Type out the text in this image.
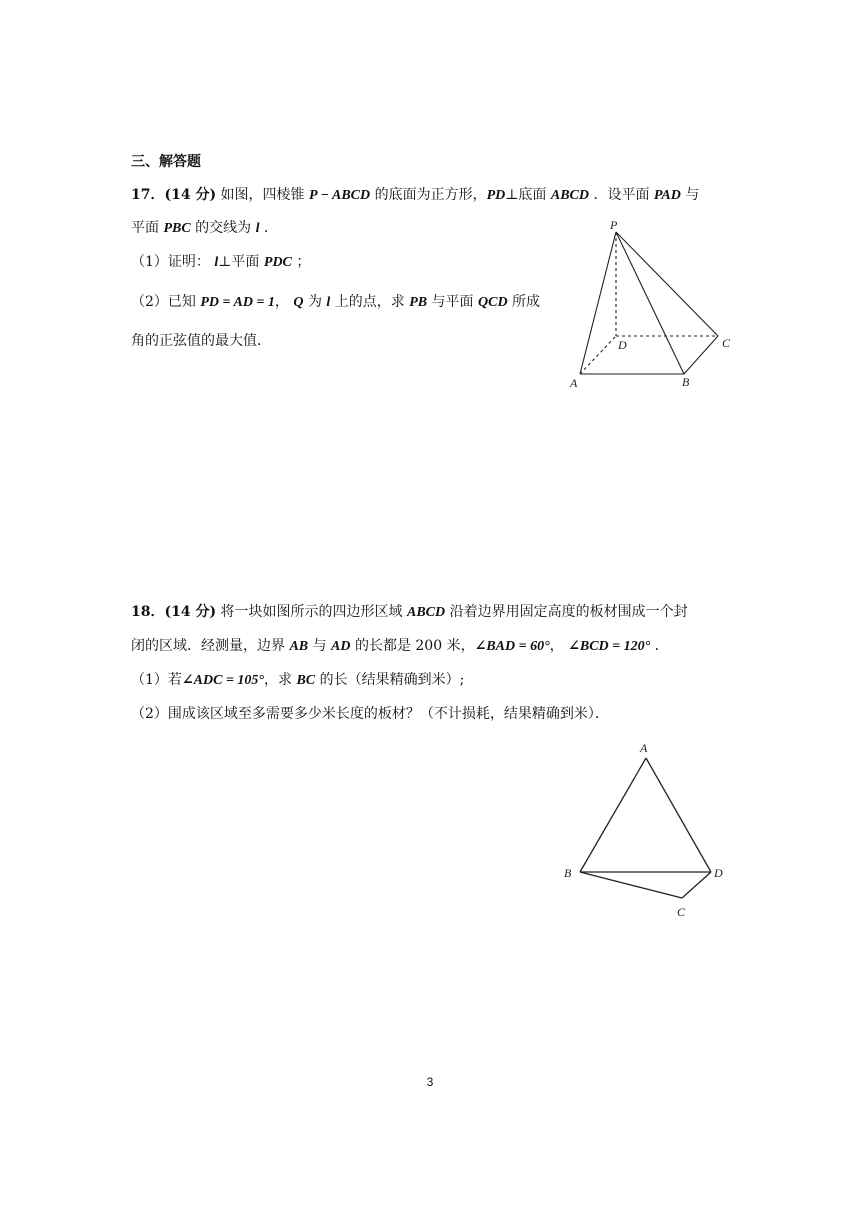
三、解答题
17．(14 分) 如图，四棱锥 P − ABCD 的底面为正方形，PD⊥底面 ABCD ．设平面 PAD 与
平面 PBC 的交线为 l ．
（1）证明： l⊥平面 PDC ；
（2）已知 PD = AD = 1， Q 为 l 上的点，求 PB 与平面 QCD 所成
角的正弦值的最大值．
P
D	C
A	B
18．(14 分) 将一块如图所示的四边形区域 ABCD 沿着边界用固定高度的板材围成一个封
闭的区域．经测量，边界 AB 与 AD 的长都是 200 米，∠BAD = 60°， ∠BCD = 120° ．
（1）若∠ADC = 105°，求 BC 的长（结果精确到米）;
（2）围成该区域至多需要多少米长度的板材？（不计损耗，结果精确到米）．
A
B
C
D
3
